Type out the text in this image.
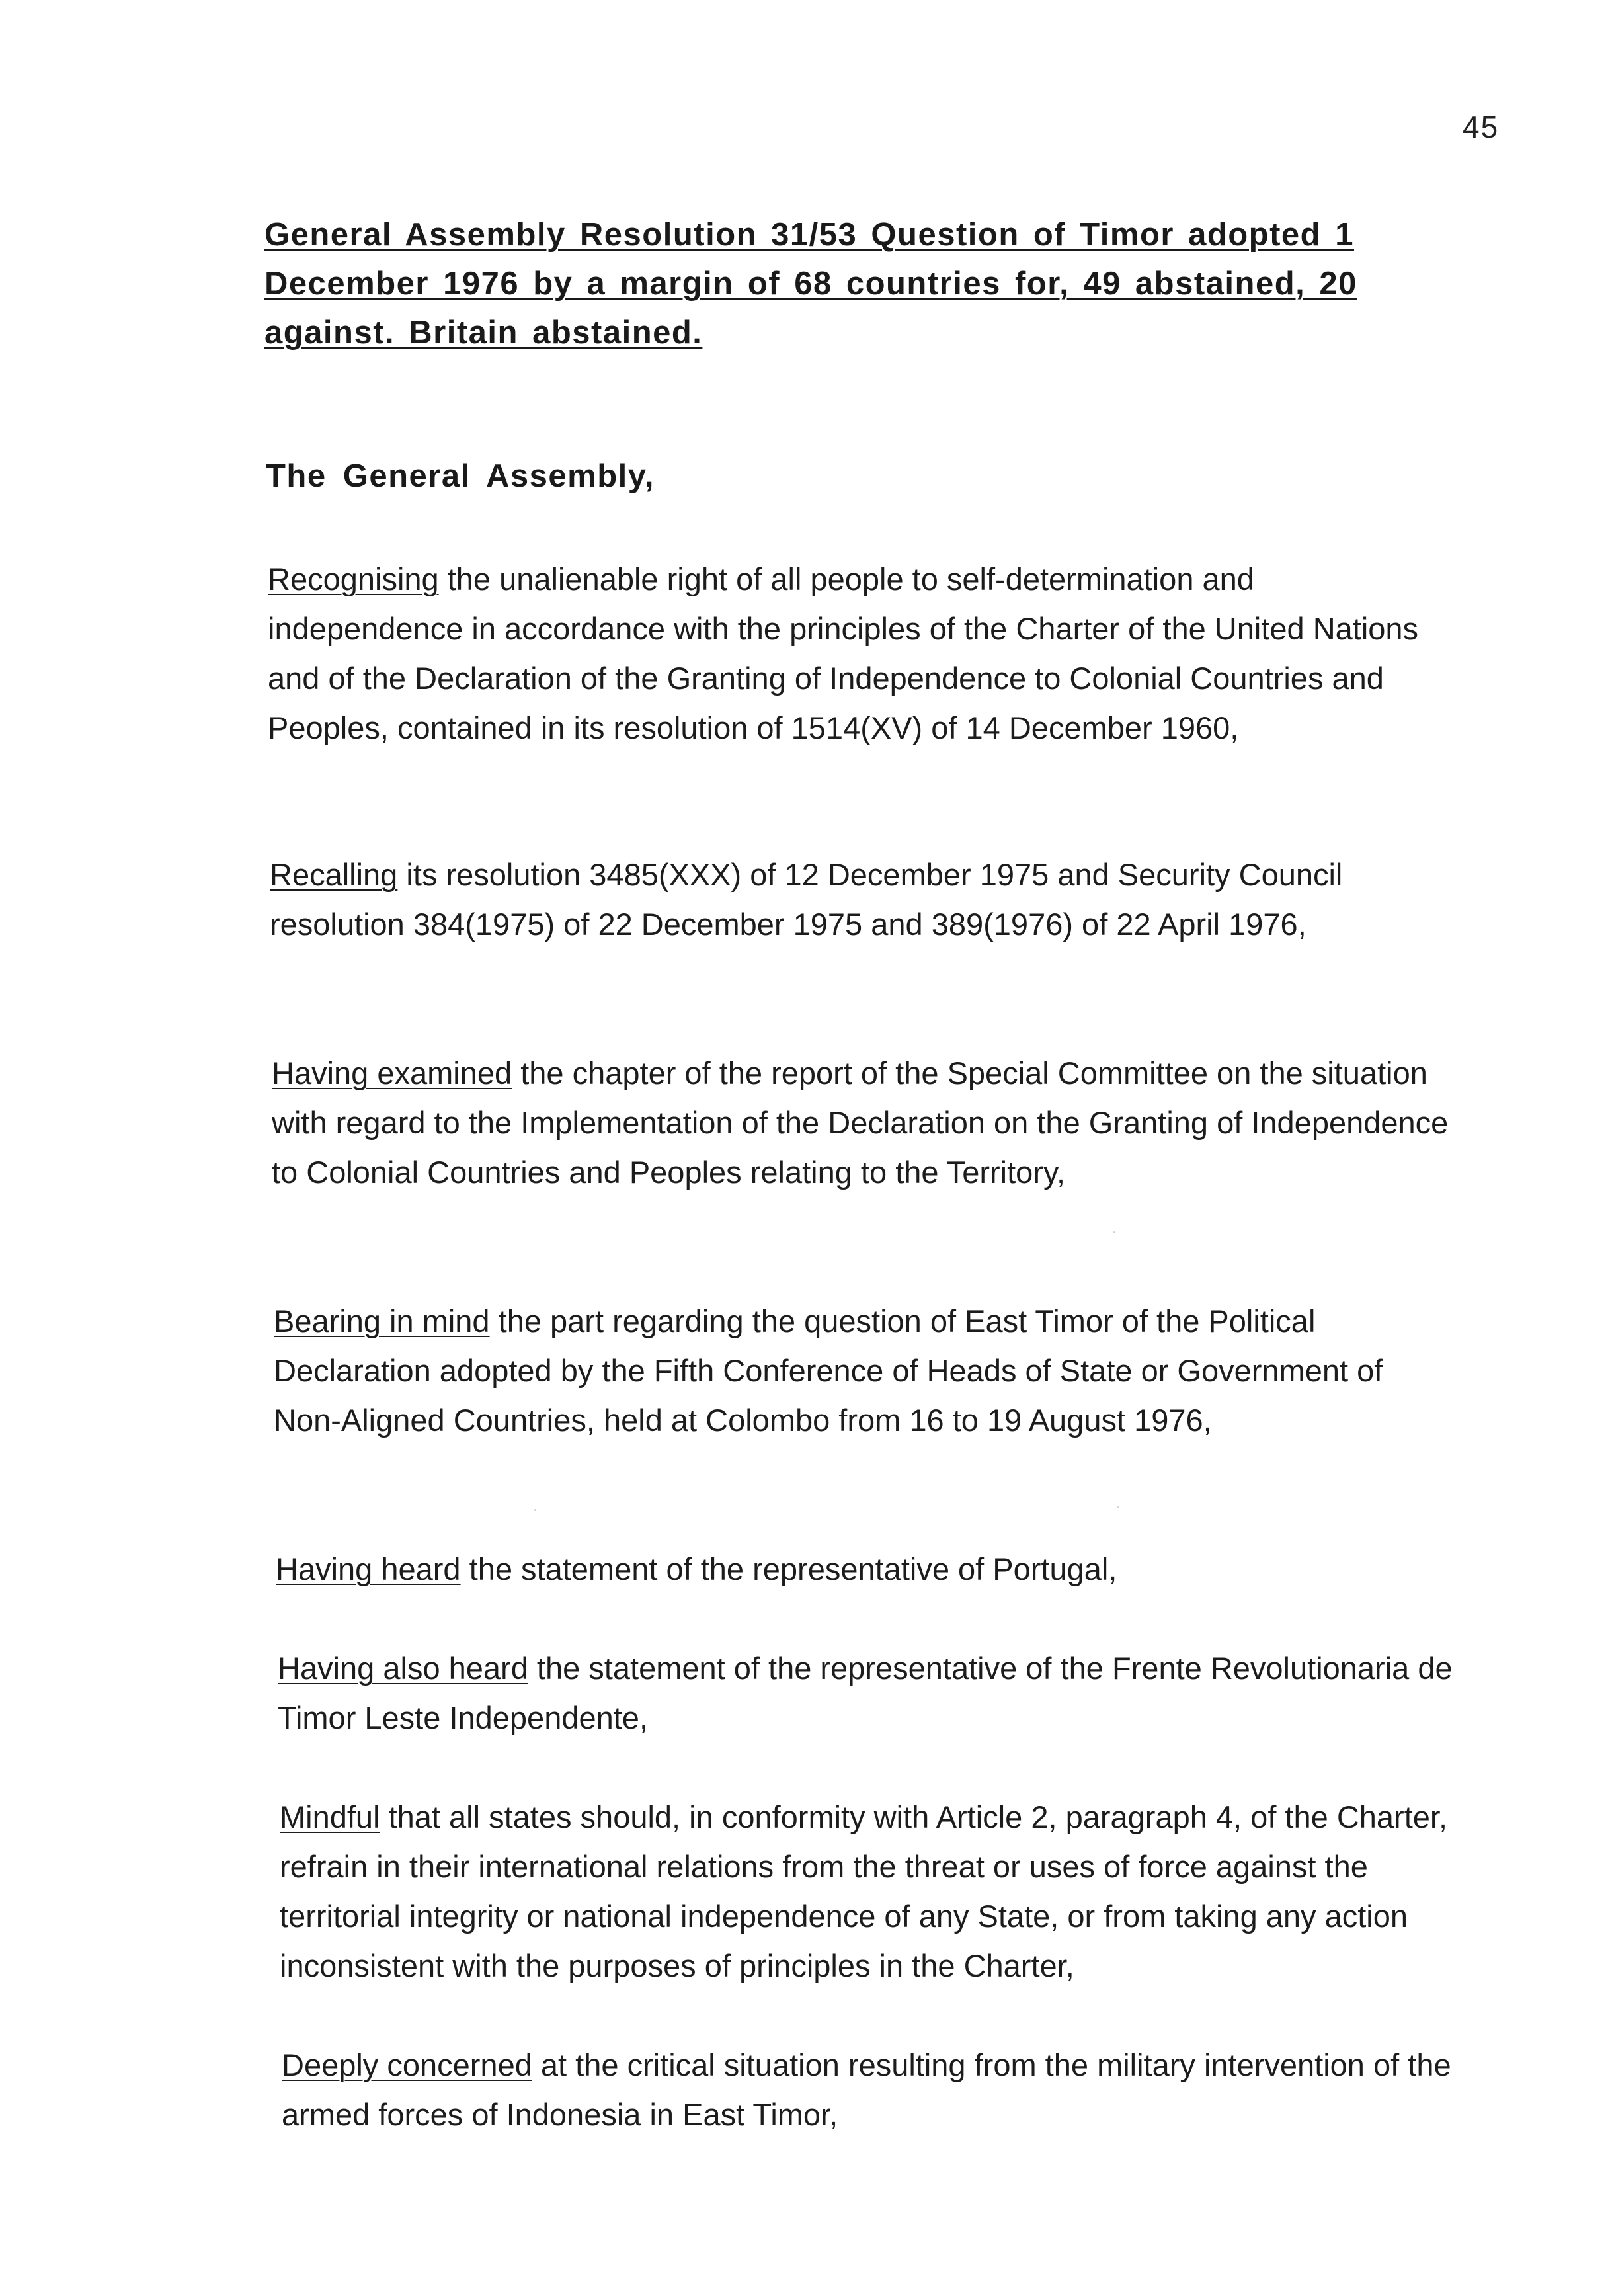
45
General Assembly Resolution 31/53 Question of Timor adopted 1 December 1976 by a margin of 68 countries for, 49 abstained, 20 against. Britain abstained.
The General Assembly,

Recognising the unalienable right of all people to self-determination and independence in accordance with the principles of the Charter of the United Nations and of the Declaration of the Granting of Independence to Colonial Countries and Peoples, contained in its resolution of 1514(XV) of 14 December 1960,

Recalling its resolution 3485(XXX) of 12 December 1975 and Security Council resolution 384(1975) of 22 December 1975 and 389(1976) of 22 April 1976,

Having examined the chapter of the report of the Special Committee on the situation with regard to the Implementation of the Declaration on the Granting of Independence to Colonial Countries and Peoples relating to the Territory,

Bearing in mind the part regarding the question of East Timor of the Political Declaration adopted by the Fifth Conference of Heads of State or Government of Non-Aligned Countries, held at Colombo from 16 to 19 August 1976,

Having heard the statement of the representative of Portugal,

Having also heard the statement of the representative of the Frente Revolutionaria de Timor Leste Independente,

Mindful that all states should, in conformity with Article 2, paragraph 4, of the Charter, refrain in their international relations from the threat or uses of force against the territorial integrity or national independence of any State, or from taking any action inconsistent with the purposes of principles in the Charter,

Deeply concerned at the critical situation resulting from the military intervention of the armed forces of Indonesia in East Timor,
